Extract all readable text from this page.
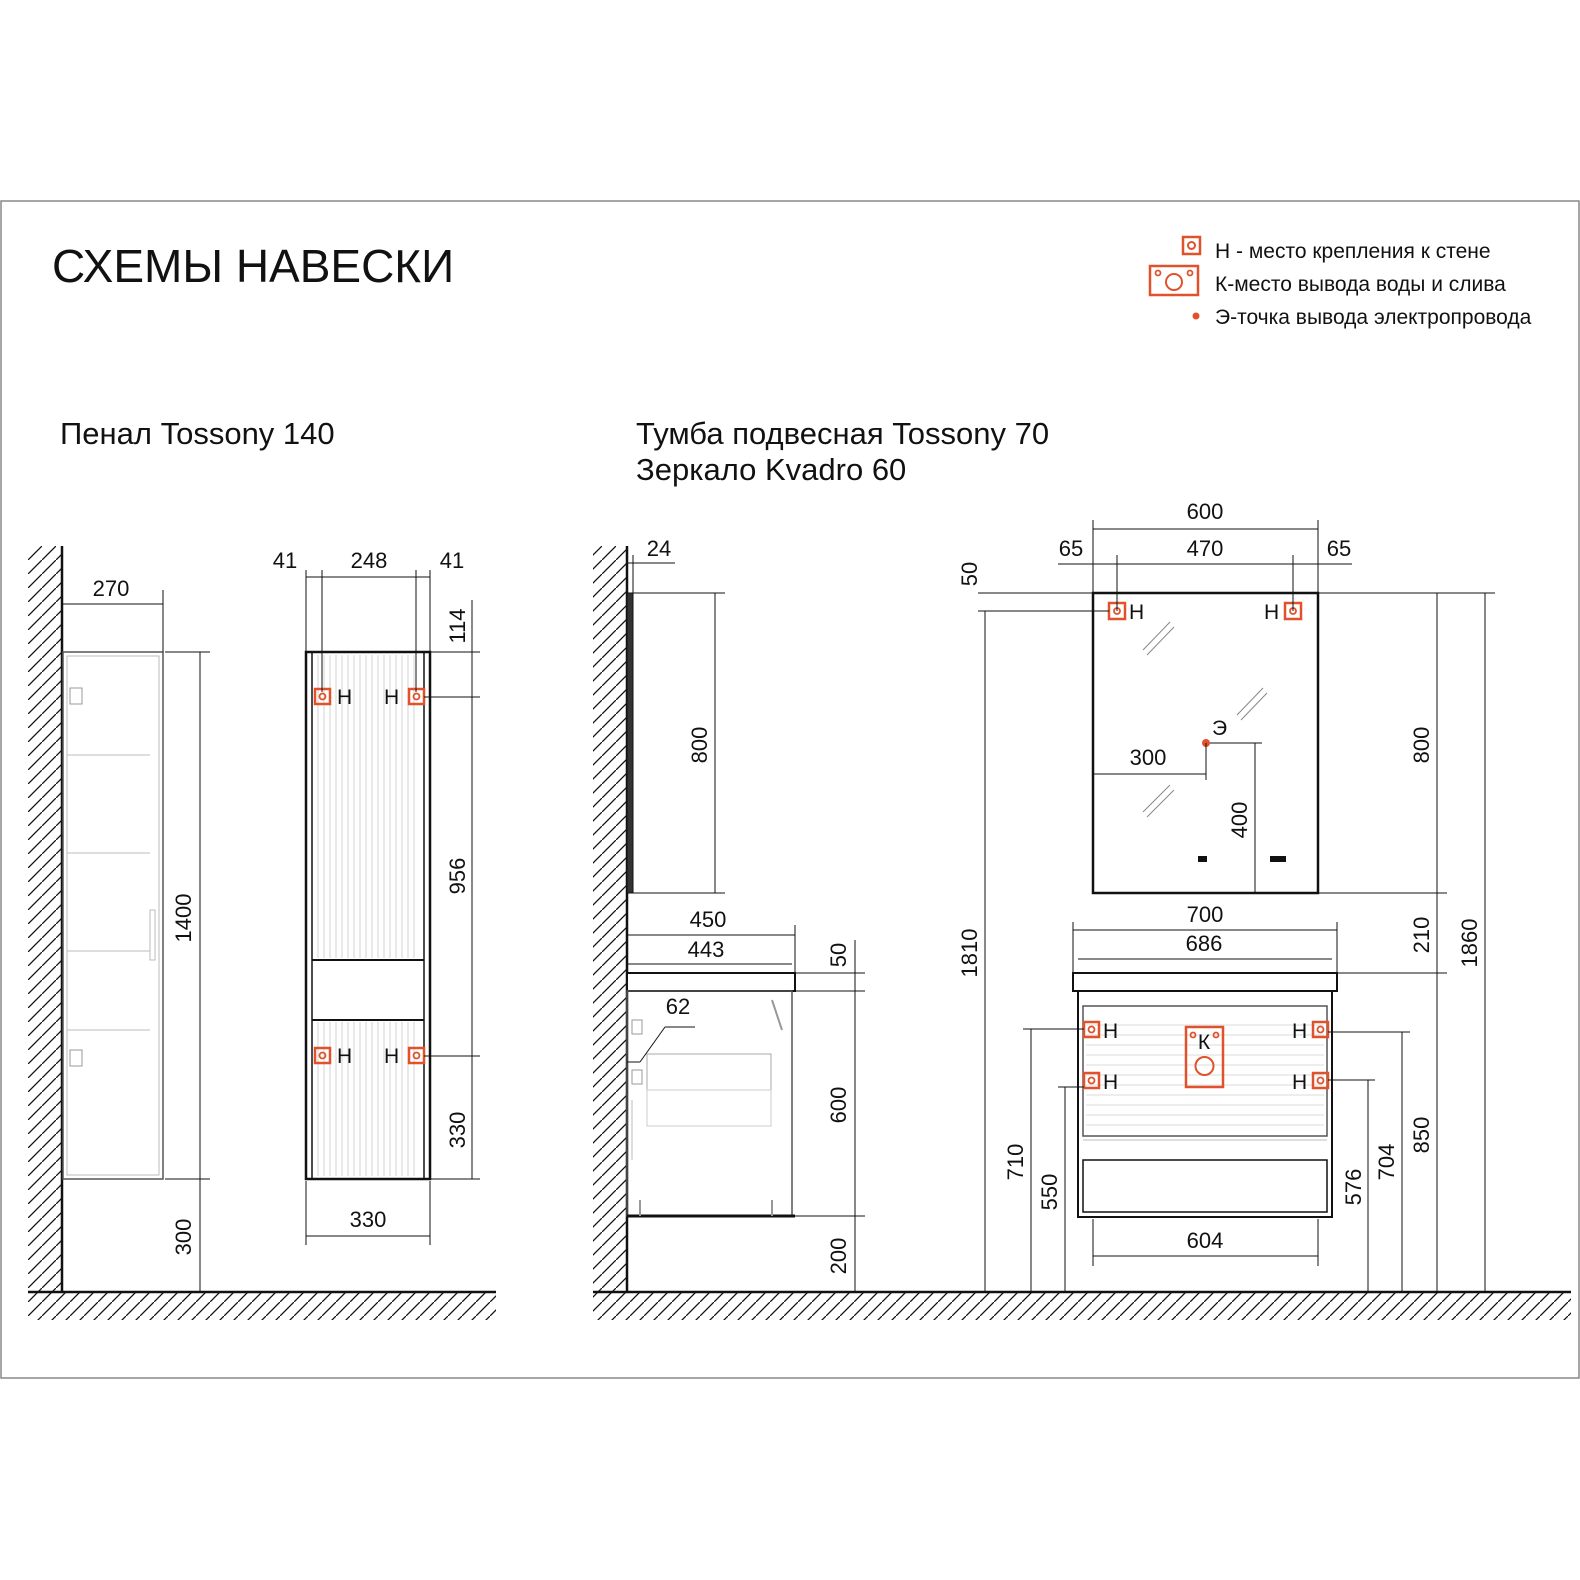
СХЕМЫ НАВЕСКИ	Н - место крепления к стене
К-место вывода воды и слива
Э-точка вывода электропровода
Пенал Tossony 140	Тумба подвесная Tossony 70
Зеркало Kvadro 60
270
1400
300
Н Н
Н Н
41 248 41
114
956
330
330
24
800
450
443	50
600
200
62
Н	Н
Э
600
65	470	65
50
300
400
800
210 1860
1810
Н
Н
Н
Н
К
700
686
710
550	576
704
850
604
